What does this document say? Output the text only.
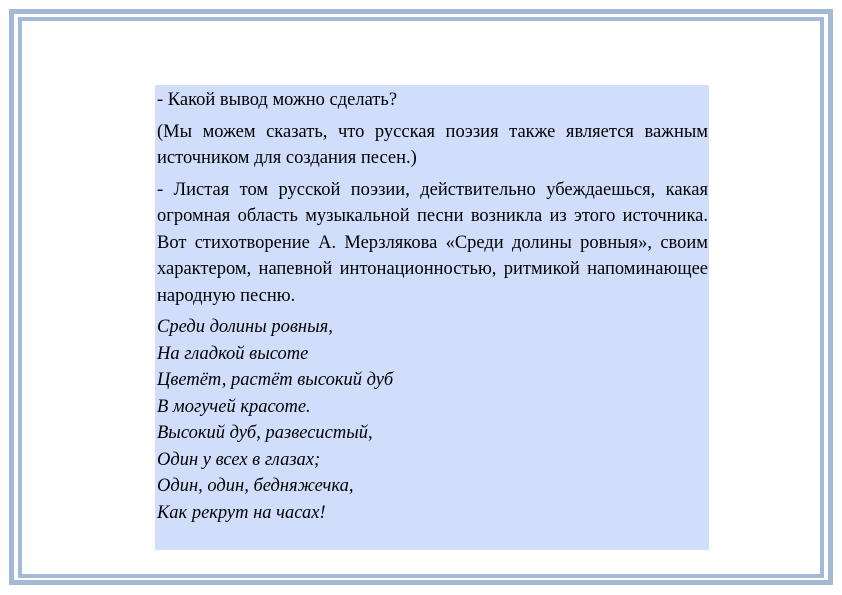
- Какой вывод можно сделать?

(Мы можем сказать, что русская поэзия также является важным источником для создания песен.)

- Листая том русской поэзии, действительно убеждаешься, какая огромная область музыкальной песни возникла из этого источника. Вот стихотворение А. Мерзлякова «Среди долины ровныя», своим характером, напевной интонационностью, ритмикой напоминающее народную песню.

Среди долины ровныя,
На гладкой высоте
Цветёт, растёт высокий дуб
В могучей красоте.
Высокий дуб, развесистый,
Один у всех в глазах;
Один, один, бедняжечка,
Как рекрут на часах!
